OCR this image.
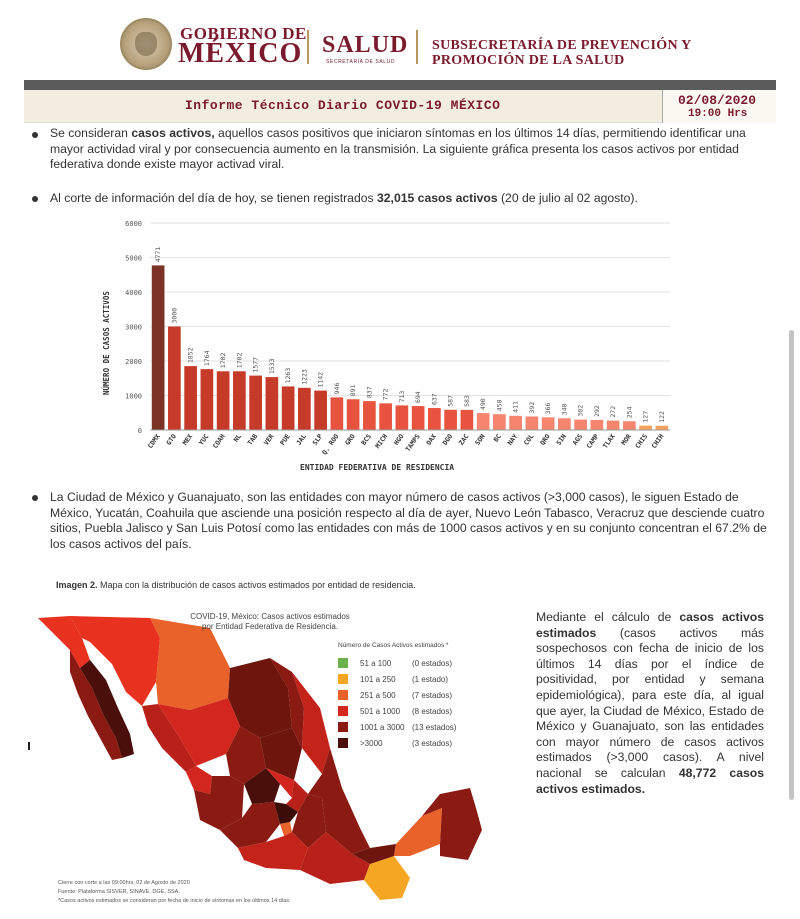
GOBIERNO DE
MÉXICO SALUD
SECRETARÍA DE SALUD
SUBSECRETARÍA DE PREVENCIÓN Y
PROMOCIÓN DE LA SALUD
Informe Técnico Diario COVID-19 MÉXICO	02/08/2020
19:00 Hrs
Se consideran casos activos, aquellos casos positivos que iniciaron síntomas en los últimos 14 días, permitiendo identificar una mayor actividad viral y por consecuencia aumento en la transmisión. La siguiente gráfica presenta los casos activos por entidad federativa donde existe mayor activad viral.
Al corte de información del día de hoy, se tienen registrados 32,015 casos activos (20 de julio al 02 agosto).
0
1000
2000
3000
4000
5000
6000
4771
CDMX
3000
GTO
1852
MEX
1764
YUC
1702
COAH
1702
NL
1577
TAB
1533
VER
1263
PUE
1223
JAL
1142
SLP
946
Q. ROO
891
GRO
837
BCS
772
MICH
713
HGO
694
TAMPS
637
OAX
587
DGO
583
ZAC
490
SON
458
BC
411
NAY
392
COL
366
QRO
340
SIN
302
AGS
292
CAMP
272
TLAX
254
MOR
127
CHIS
122
CHIH
NÚMERO DE CASOS ACTIVOS
ENTIDAD FEDERATIVA DE RESIDENCIA
La Ciudad de México y Guanajuato, son las entidades con mayor número de casos activos (>3,000 casos), le siguen Estado de México, Yucatán, Coahuila que asciende una posición respecto al día de ayer, Nuevo León Tabasco, Veracruz que desciende cuatro sitios, Puebla Jalisco y San Luis Potosí como las entidades con más de 1000 casos activos y en su conjunto concentran el 67.2% de los casos activos del país.
Imagen 2. Mapa con la distribución de casos activos estimados por entidad de residencia.
COVID-19, México: Casos activos estimados
por Entidad Federativa de Residencia.
Número de Casos Activos estimados *
51 a 100	(0 estados)
101 a 250	(1 estado)
251 a 500	(7 estados)
501 a 1000	(8 estados)
1001 a 3000 (13 estados)
>3000	(3 estados)
Cierre con corte a las 09:00hrs, 02 de Agosto de 2020
Fuente: Plataforma SISVER, SINAVE, DGE, SSA.
*Casos activos estimados se consideran por fecha de inicio de síntomas en los últimos 14 días.
Mediante el cálculo de casos activos estimados (casos activos más sospechosos con fecha de inicio de los últimos 14 días por el índice de positividad, por entidad y semana epidemiológica), para este día, al igual que ayer, la Ciudad de México, Estado de México y Guanajuato, son las entidades con mayor número de casos activos estimados (>3,000 casos). A nivel nacional se calculan 48,772 casos activos estimados.
